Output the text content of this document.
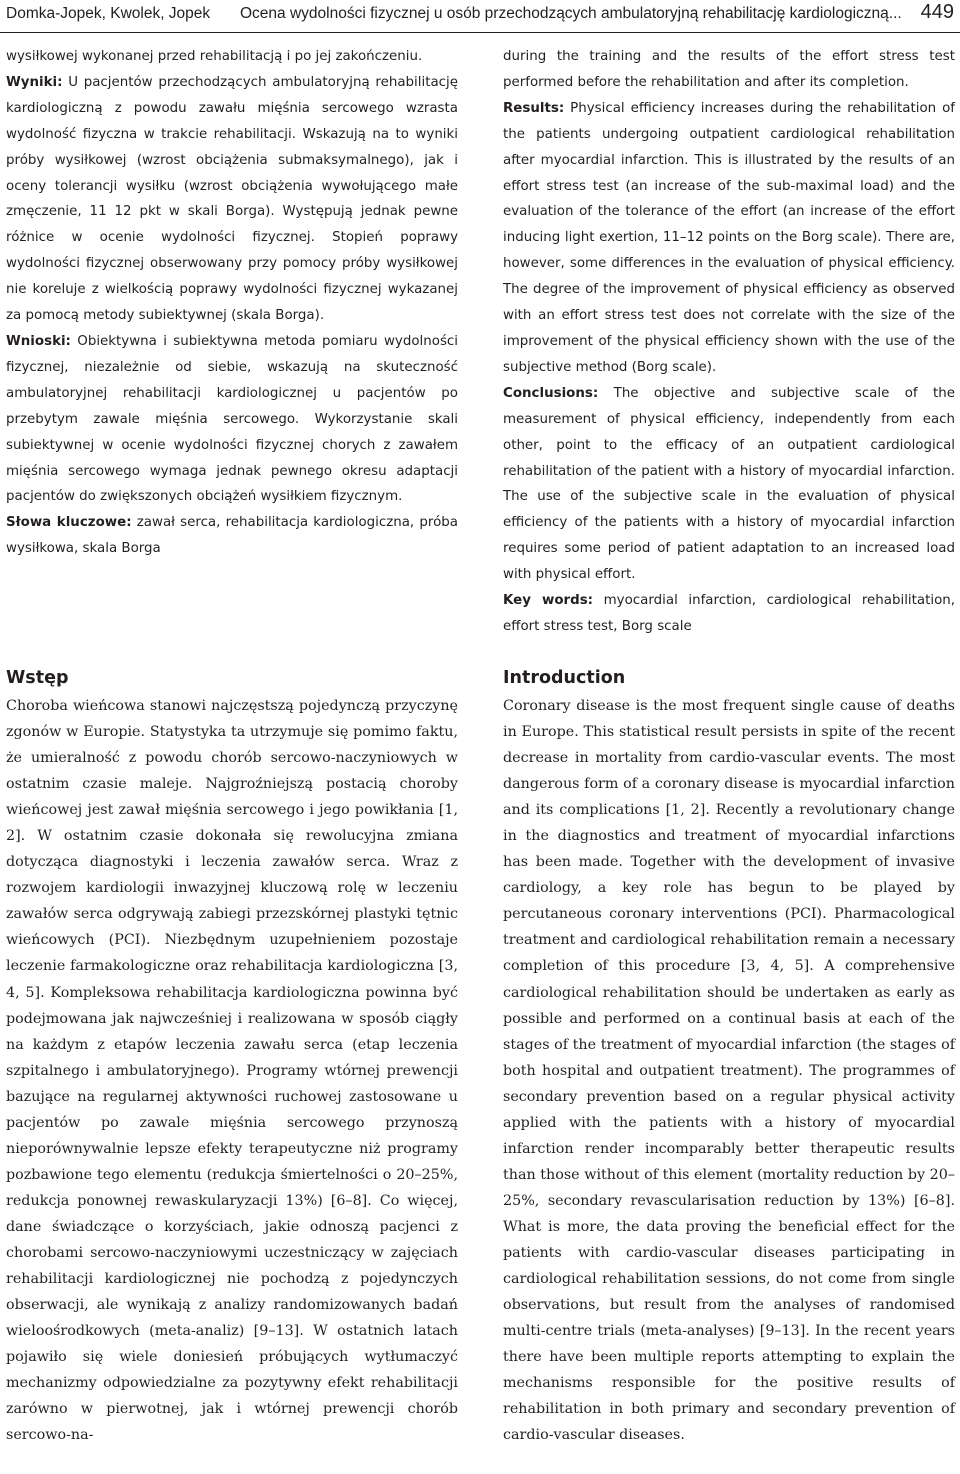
Domka-Jopek, Kwolek, Jopek Ocena wydolności fizycznej u osób przechodzących ambulatoryjną rehabilitację kardiologiczną... 449

wysiłkowej wykonanej przed rehabilitacją i po jej zakończeniu.

Wyniki: U pacjentów przechodzących ambulatoryjną rehabilitację kardiologiczną z powodu zawału mięśnia sercowego wzrasta wydolność fizyczna w trakcie rehabilitacji. Wskazują na to wyniki próby wysiłkowej (wzrost obciążenia submaksymalnego), jak i oceny tolerancji wysiłku (wzrost obciążenia wywołującego małe zmęczenie, 11 12 pkt w skali Borga). Występują jednak pewne różnice w ocenie wydolności fizycznej. Stopień poprawy wydolności fizycznej obserwowany przy pomocy próby wysiłkowej nie koreluje z wielkością poprawy wydolności fizycznej wykazanej za pomocą metody subiektywnej (skala Borga).

Wnioski: Obiektywna i subiektywna metoda pomiaru wydolności fizycznej, niezależnie od siebie, wskazują na skuteczność ambulatoryjnej rehabilitacji kardiologicznej u pacjentów po przebytym zawale mięśnia sercowego. Wykorzystanie skali subiektywnej w ocenie wydolności fizycznej chorych z zawałem mięśnia sercowego wymaga jednak pewnego okresu adaptacji pacjentów do zwiększonych obciążeń wysiłkiem fizycznym.

Słowa kluczowe: zawał serca, rehabilitacja kardiologiczna, próba wysiłkowa, skala Borga

during the training and the results of the effort stress test performed before the rehabilitation and after its completion.

Results: Physical efficiency increases during the rehabilitation of the patients undergoing outpatient cardiological rehabilitation after myocardial infarction. This is illustrated by the results of an effort stress test (an increase of the sub-maximal load) and the evaluation of the tolerance of the effort (an increase of the effort inducing light exertion, 11–12 points on the Borg scale). There are, however, some differences in the evaluation of physical efficiency. The degree of the improvement of physical efficiency as observed with an effort stress test does not correlate with the size of the improvement of the physical efficiency shown with the use of the subjective method (Borg scale).

Conclusions: The objective and subjective scale of the measurement of physical efficiency, independently from each other, point to the efficacy of an outpatient cardiological rehabilitation of the patient with a history of myocardial infarction. The use of the subjective scale in the evaluation of physical efficiency of the patients with a history of myocardial infarction requires some period of patient adaptation to an increased load with physical effort.

Key words: myocardial infarction, cardiological rehabilitation, effort stress test, Borg scale

Wstęp

Choroba wieńcowa stanowi najczęstszą pojedynczą przyczynę zgonów w Europie. Statystyka ta utrzymuje się pomimo faktu, że umieralność z powodu chorób sercowo-naczyniowych w ostatnim czasie maleje. Najgroźniejszą postacią choroby wieńcowej jest zawał mięśnia sercowego i jego powikłania [1, 2]. W ostatnim czasie dokonała się rewolucyjna zmiana dotycząca diagnostyki i leczenia zawałów serca. Wraz z rozwojem kardiologii inwazyjnej kluczową rolę w leczeniu zawałów serca odgrywają zabiegi przezskórnej plastyki tętnic wieńcowych (PCI). Niezbędnym uzupełnieniem pozostaje leczenie farmakologiczne oraz rehabilitacja kardiologiczna [3, 4, 5]. Kompleksowa rehabilitacja kardiologiczna powinna być podejmowana jak najwcześniej i realizowana w sposób ciągły na każdym z etapów leczenia zawału serca (etap leczenia szpitalnego i ambulatoryjnego). Programy wtórnej prewencji bazujące na regularnej aktywności ruchowej zastosowane u pacjentów po zawale mięśnia sercowego przynoszą nieporównywalnie lepsze efekty terapeutyczne niż programy pozbawione tego elementu (redukcja śmiertelności o 20–25%, redukcja ponownej rewaskularyzacji 13%) [6–8]. Co więcej, dane świadczące o korzyściach, jakie odnoszą pacjenci z chorobami sercowo-naczyniowymi uczestniczący w zajęciach rehabilitacji kardiologicznej nie pochodzą z pojedynczych obserwacji, ale wynikają z analizy randomizowanych badań wieloośrodkowych (meta-analiz) [9–13]. W ostatnich latach pojawiło się wiele doniesień próbujących wytłumaczyć mechanizmy odpowiedzialne za pozytywny efekt rehabilitacji zarówno w pierwotnej, jak i wtórnej prewencji chorób sercowo-na-

Introduction

Coronary disease is the most frequent single cause of deaths in Europe. This statistical result persists in spite of the recent decrease in mortality from cardio-vascular events. The most dangerous form of a coronary disease is myocardial infarction and its complications [1, 2]. Recently a revolutionary change in the diagnostics and treatment of myocardial infarctions has been made. Together with the development of invasive cardiology, a key role has begun to be played by percutaneous coronary interventions (PCI). Pharmacological treatment and cardiological rehabilitation remain a necessary completion of this procedure [3, 4, 5]. A comprehensive cardiological rehabilitation should be undertaken as early as possible and performed on a continual basis at each of the stages of the treatment of myocardial infarction (the stages of both hospital and outpatient treatment). The programmes of secondary prevention based on a regular physical activity applied with the patients with a history of myocardial infarction render incomparably better therapeutic results than those without of this element (mortality reduction by 20–25%, secondary revascularisation reduction by 13%) [6–8]. What is more, the data proving the beneficial effect for the patients with cardio-vascular diseases participating in cardiological rehabilitation sessions, do not come from single observations, but result from the analyses of randomised multi-centre trials (meta-analyses) [9–13]. In the recent years there have been multiple reports attempting to explain the mechanisms responsible for the positive results of rehabilitation in both primary and secondary prevention of cardio-vascular diseases.
